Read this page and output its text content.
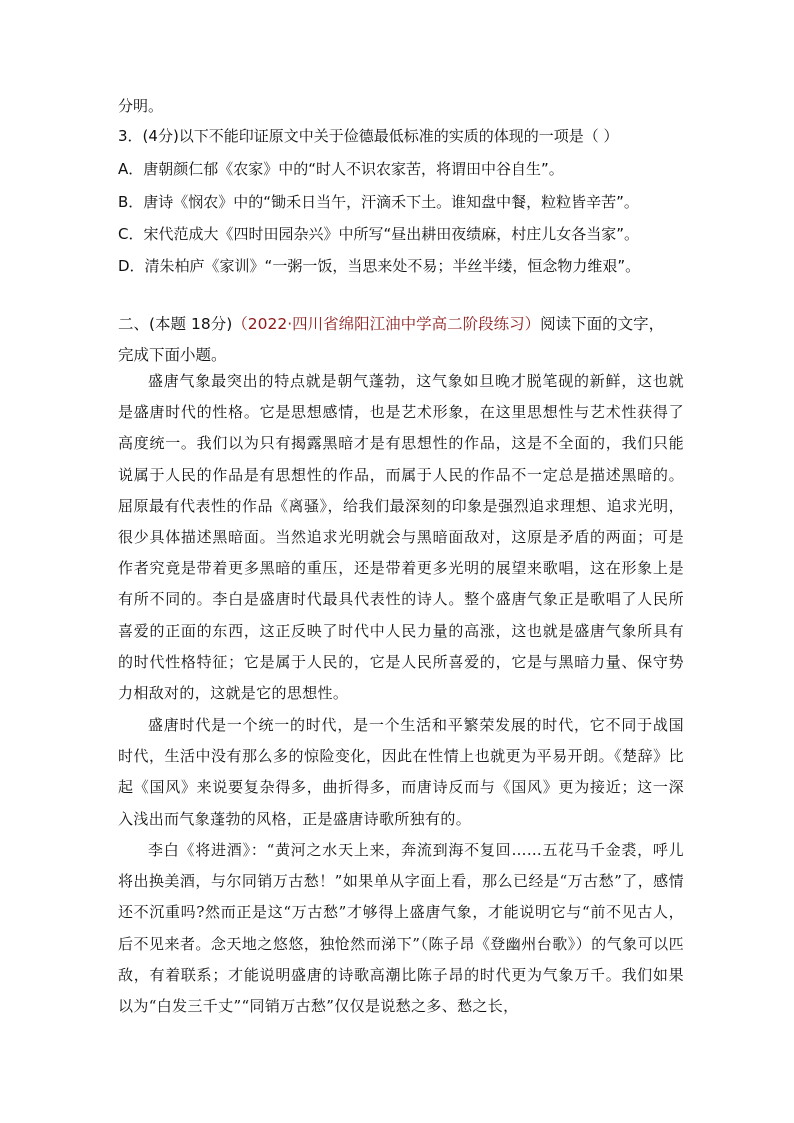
分明。
3．(4分)以下不能印证原文中关于俭德最低标准的实质的体现的一项是（ ）
A．唐朝颜仁郁《农家》中的“时人不识农家苦，将谓田中谷自生”。
B．唐诗《悯农》中的“锄禾日当午，汗滴禾下土。谁知盘中餐，粒粒皆辛苦”。
C．宋代范成大《四时田园杂兴》中所写“昼出耕田夜绩麻，村庄儿女各当家”。
D．清朱柏庐《家训》“一粥一饭，当思来处不易；半丝半缕，恒念物力维艰”。
二、(本题 18分)（2022·四川省绵阳江油中学高二阶段练习）阅读下面的文字，
完成下面小题。

盛唐气象最突出的特点就是朝气蓬勃，这气象如旦晚才脱笔砚的新鲜，这也就是盛唐时代的性格。它是思想感情，也是艺术形象，在这里思想性与艺术性获得了高度统一。我们以为只有揭露黑暗才是有思想性的作品，这是不全面的，我们只能说属于人民的作品是有思想性的作品，而属于人民的作品不一定总是描述黑暗的。屈原最有代表性的作品《离骚》，给我们最深刻的印象是强烈追求理想、追求光明，很少具体描述黑暗面。当然追求光明就会与黑暗面敌对，这原是矛盾的两面；可是作者究竟是带着更多黑暗的重压，还是带着更多光明的展望来歌唱，这在形象上是有所不同的。李白是盛唐时代最具代表性的诗人。整个盛唐气象正是歌唱了人民所喜爱的正面的东西，这正反映了时代中人民力量的高涨，这也就是盛唐气象所具有的时代性格特征；它是属于人民的，它是人民所喜爱的，它是与黑暗力量、保守势力相敌对的，这就是它的思想性。

盛唐时代是一个统一的时代，是一个生活和平繁荣发展的时代，它不同于战国时代，生活中没有那么多的惊险变化，因此在性情上也就更为平易开朗。《楚辞》比起《国风》来说要复杂得多，曲折得多，而唐诗反而与《国风》更为接近；这一深入浅出而气象蓬勃的风格，正是盛唐诗歌所独有的。

李白《将进酒》：“黄河之水天上来，奔流到海不复回……五花马千金裘，呼儿将出换美酒，与尔同销万古愁！”如果单从字面上看，那么已经是“万古愁”了，感情还不沉重吗?然而正是这“万古愁”才够得上盛唐气象，才能说明它与“前不见古人，后不见来者。念天地之悠悠，独怆然而涕下”（陈子昂《登幽州台歌》）的气象可以匹敌，有着联系；才能说明盛唐的诗歌高潮比陈子昂的时代更为气象万千。我们如果以为“白发三千丈”“同销万古愁”仅仅是说愁之多、愁之长，
